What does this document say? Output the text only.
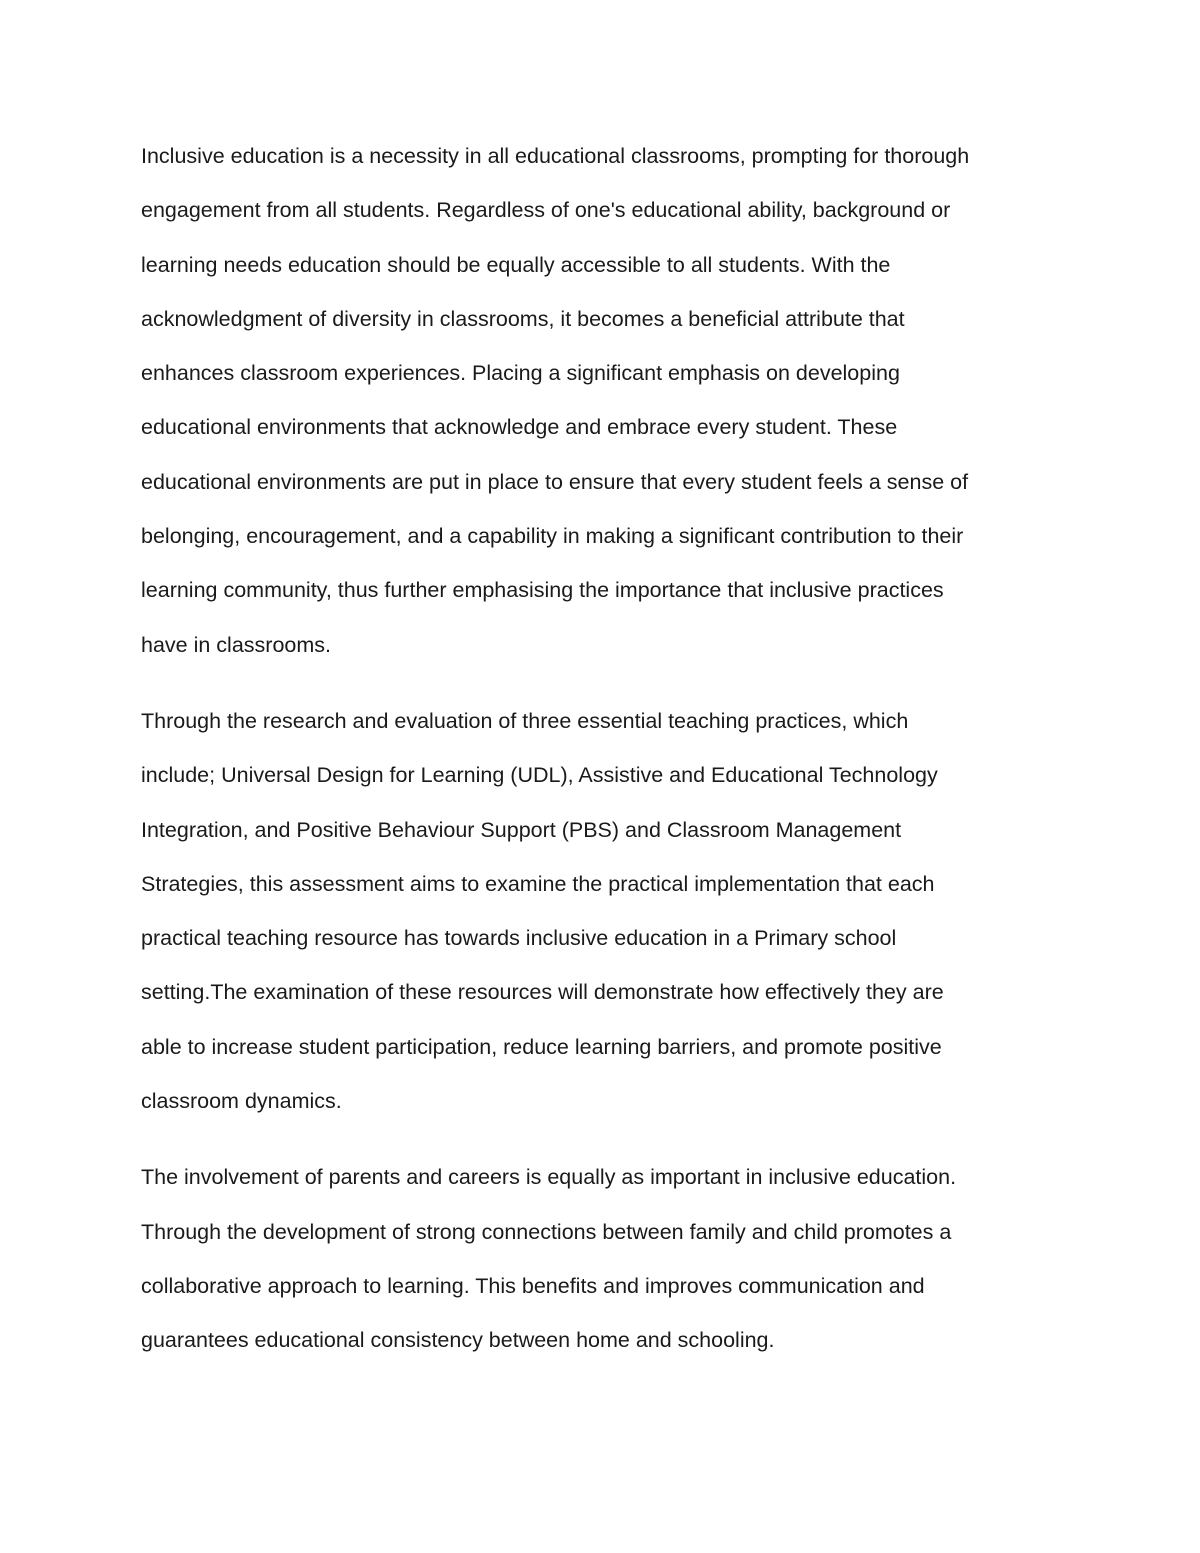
Inclusive education is a necessity in all educational classrooms, prompting for thorough
engagement from all students. Regardless of one's educational ability, background or
learning needs education should be equally accessible to all students. With the
acknowledgment of diversity in classrooms, it becomes a beneficial attribute that
enhances classroom experiences. Placing a significant emphasis on developing
educational environments that acknowledge and embrace every student. These
educational environments are put in place to ensure that every student feels a sense of
belonging, encouragement, and a capability in making a significant contribution to their
learning community, thus further emphasising the importance that inclusive practices
have in classrooms.

Through the research and evaluation of three essential teaching practices, which
include; Universal Design for Learning (UDL), Assistive and Educational Technology
Integration, and Positive Behaviour Support (PBS) and Classroom Management
Strategies, this assessment aims to examine the practical implementation that each
practical teaching resource has towards inclusive education in a Primary school
setting.The examination of these resources will demonstrate how effectively they are
able to increase student participation, reduce learning barriers, and promote positive
classroom dynamics.

The involvement of parents and careers is equally as important in inclusive education.
Through the development of strong connections between family and child promotes a
collaborative approach to learning. This benefits and improves communication and
guarantees educational consistency between home and schooling.
